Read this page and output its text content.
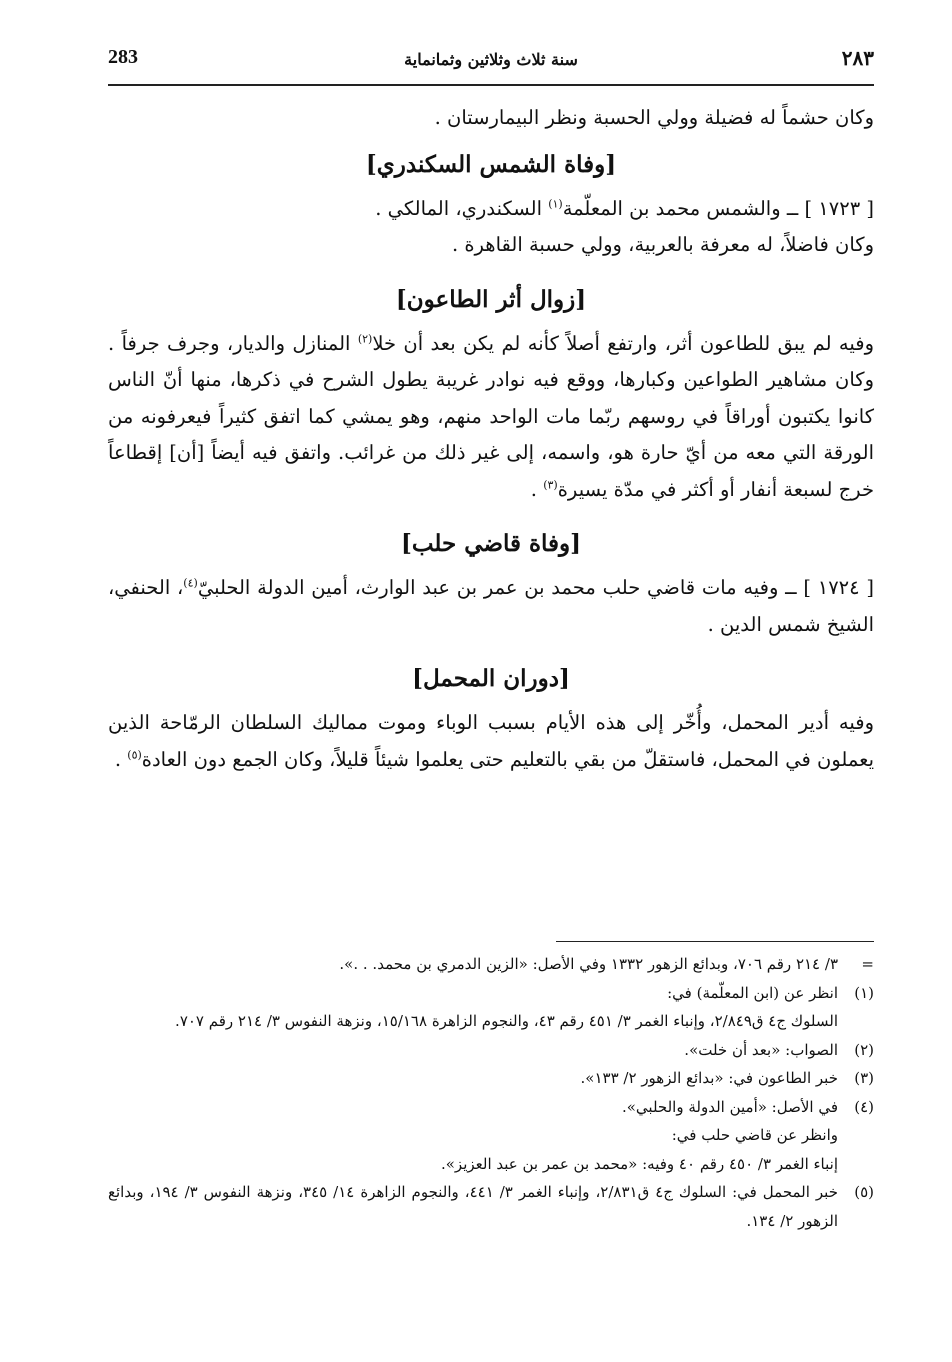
283	سنة ثلاث وثلاثين وثمانماية	٢٨٣

وكان حشماً له فضيلة وولي الحسبة ونظر البيمارستان .

[وفاة الشمس السكندري]

[ ١٧٢٣ ] ــ والشمس محمد بن المعلّمة$^{(١)}$ السكندري، المالكي .

وكان فاضلاً، له معرفة بالعربية، وولي حسبة القاهرة .

[زوال أثر الطاعون]

وفيه لم يبق للطاعون أثر، وارتفع أصلاً كأنه لم يكن بعد أن خلا$^{(٢)}$ المنازل والديار، وجرف جرفاً . وكان مشاهير الطواعين وكبارها، ووقع فيه نوادر غريبة يطول الشرح في ذكرها، منها أنّ الناس كانوا يكتبون أوراقاً في روسهم ربّما مات الواحد منهم، وهو يمشي كما اتفق كثيراً فيعرفونه من الورقة التي معه من أيّ حارة هو، واسمه، إلى غير ذلك من غرائب. واتفق فيه أيضاً [أن] إقطاعاً خرج لسبعة أنفار أو أكثر في مدّة يسيرة$^{(٣)}$ .

[وفاة قاضي حلب]

[ ١٧٢٤ ] ــ وفيه مات قاضي حلب محمد بن عمر بن عبد الوارث، أمين الدولة الحلبيّ$^{(٤)}$، الحنفي، الشيخ شمس الدين .

[دوران المحمل]

وفيه أدير المحمل، وأُخّر إلى هذه الأيام بسبب الوباء وموت مماليك السلطان الرمّاحة الذين يعملون في المحمل، فاستقلّ من بقي بالتعليم حتى يعلموا شيئاً قليلاً، وكان الجمع دون العادة$^{(٥)}$ .

=
٣/ ٢١٤ رقم ٧٠٦، وبدائع الزهور ١٣٣٢ وفي الأصل: «الزين الدمري بن محمد. . .».
(١)
انظر عن (ابن المعلّمة) في:
السلوك ج٤ ق٢/٨٤٩، وإنباء الغمر ٣/ ٤٥١ رقم ٤٣، والنجوم الزاهرة ١٥/١٦٨، ونزهة النفوس ٣/ ٢١٤ رقم ٧٠٧.
(٢)
الصواب: «بعد أن خلت».
(٣)
خبر الطاعون في: «بدائع الزهور ٢/ ١٣٣».
(٤)
في الأصل: «أمين الدولة والحلبي».
وانظر عن قاضي حلب في:
إنباء الغمر ٣/ ٤٥٠ رقم ٤٠ وفيه: «محمد بن عمر بن عبد العزيز».
(٥)
خبر المحمل في: السلوك ج٤ ق٢/٨٣١، وإنباء الغمر ٣/ ٤٤١، والنجوم الزاهرة ١٤/ ٣٤٥، ونزهة النفوس ٣/ ١٩٤، وبدائع الزهور ٢/ ١٣٤.
